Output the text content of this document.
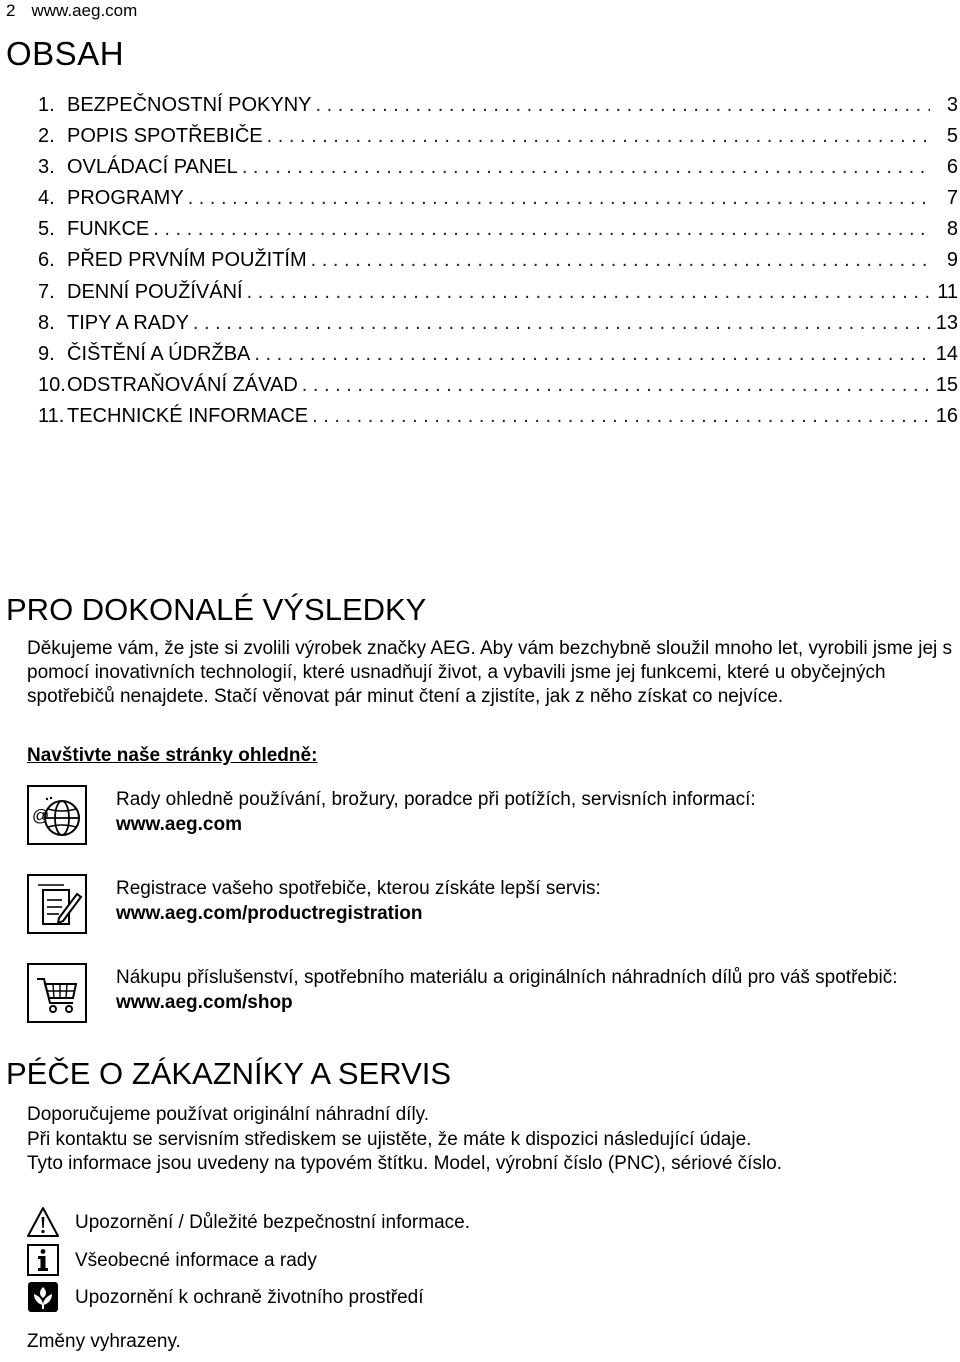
2 www.aeg.com
OBSAH
1. BEZPEČNOSTNÍ POKYNY . . .	3
2. POPIS SPOTŘEBIČE . . .	5
3. OVLÁDACÍ PANEL . . .	6
4. PROGRAMY . . .	7
5. FUNKCE . . .	8
6. PŘED PRVNÍM POUŽITÍM . . .	9
7. DENNÍ POUŽÍVÁNÍ . . .	11
8. TIPY A RADY . . .	13
9. ČIŠTĚNÍ A ÚDRŽBA . . .	14
10. ODSTRAŇOVÁNÍ ZÁVAD . . .	15
11. TECHNICKÉ INFORMACE . . .	16
PRO DOKONALÉ VÝSLEDKY
Děkujeme vám, že jste si zvolili výrobek značky AEG. Aby vám bezchybně sloužil mnoho let, vyrobili jsme jej s pomocí inovativních technologií, které usnadňují život, a vybavili jsme jej funkcemi, které u obyčejných spotřebičů nenajdete. Stačí věnovat pár minut čtení a zjistíte, jak z něho získat co nejvíce.
Navštivte naše stránky ohledně:
@
Rady ohledně používání, brožury, poradce při potížích, servisních informací:
www.aeg.com
Registrace vašeho spotřebiče, kterou získáte lepší servis:
www.aeg.com/productregistration
Nákupu příslušenství, spotřebního materiálu a originálních náhradních dílů pro váš spotřebič:
www.aeg.com/shop
PÉČE O ZÁKAZNÍKY A SERVIS
Doporučujeme používat originální náhradní díly.
Při kontaktu se servisním střediskem se ujistěte, že máte k dispozici následující údaje.
Tyto informace jsou uvedeny na typovém štítku. Model, výrobní číslo (PNC), sériové číslo.
Upozornění / Důležité bezpečnostní informace.
Všeobecné informace a rady
Upozornění k ochraně životního prostředí
Změny vyhrazeny.
